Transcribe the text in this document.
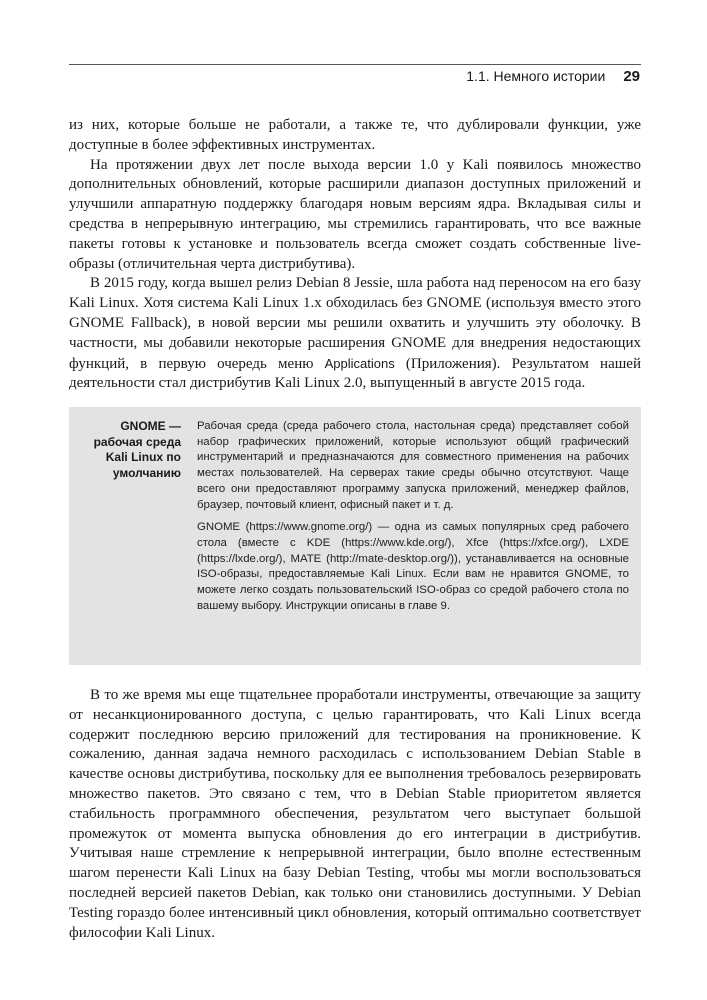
1.1. Немного истории 29

из них, которые больше не работали, а также те, что дублировали функции, уже доступные в более эффективных инструментах.

На протяжении двух лет после выхода версии 1.0 у Kali появилось множество дополнительных обновлений, которые расширили диапазон доступных приложений и улучшили аппаратную поддержку благодаря новым версиям ядра. Вкладывая силы и средства в непрерывную интеграцию, мы стремились гарантировать, что все важные пакеты готовы к установке и пользователь всегда сможет создать собственные live-образы (отличительная черта дистрибутива).

В 2015 году, когда вышел релиз Debian 8 Jessie, шла работа над переносом на его базу Kali Linux. Хотя система Kali Linux 1.x обходилась без GNOME (используя вместо этого GNOME Fallback), в новой версии мы решили охватить и улучшить эту оболочку. В частности, мы добавили некоторые расширения GNOME для внедрения недостающих функций, в первую очередь меню Applications (Приложения). Результатом нашей деятельности стал дистрибутив Kali Linux 2.0, выпущенный в августе 2015 года.

GNOME — рабочая среда Kali Linux по умолчанию

Рабочая среда (среда рабочего стола, настольная среда) представляет собой набор графических приложений, которые используют общий графический инструментарий и предназначаются для совместного применения на рабочих местах пользователей. На серверах такие среды обычно отсутствуют. Чаще всего они предоставляют программу запуска приложений, менеджер файлов, браузер, почтовый клиент, офисный пакет и т. д.

GNOME (https://www.gnome.org/) — одна из самых популярных сред рабочего стола (вместе с KDE (https://www.kde.org/), Xfce (https://xfce.org/), LXDE (https://lxde.org/), MATE (http://mate-desktop.org/)), устанавливается на основные ISO-образы, предоставляемые Kali Linux. Если вам не нравится GNOME, то можете легко создать пользовательский ISO-образ со средой рабочего стола по вашему выбору. Инструкции описаны в главе 9.

В то же время мы еще тщательнее проработали инструменты, отвечающие за защиту от несанкционированного доступа, с целью гарантировать, что Kali Linux всегда содержит последнюю версию приложений для тестирования на проникновение. К сожалению, данная задача немного расходилась с использованием Debian Stable в качестве основы дистрибутива, поскольку для ее выполнения требовалось резервировать множество пакетов. Это связано с тем, что в Debian Stable приоритетом является стабильность программного обеспечения, результатом чего выступает большой промежуток от момента выпуска обновления до его интеграции в дистрибутив. Учитывая наше стремление к непрерывной интеграции, было вполне естественным шагом перенести Kali Linux на базу Debian Testing, чтобы мы могли воспользоваться последней версией пакетов Debian, как только они становились доступными. У Debian Testing гораздо более интенсивный цикл обновления, который оптимально соответствует философии Kali Linux.
